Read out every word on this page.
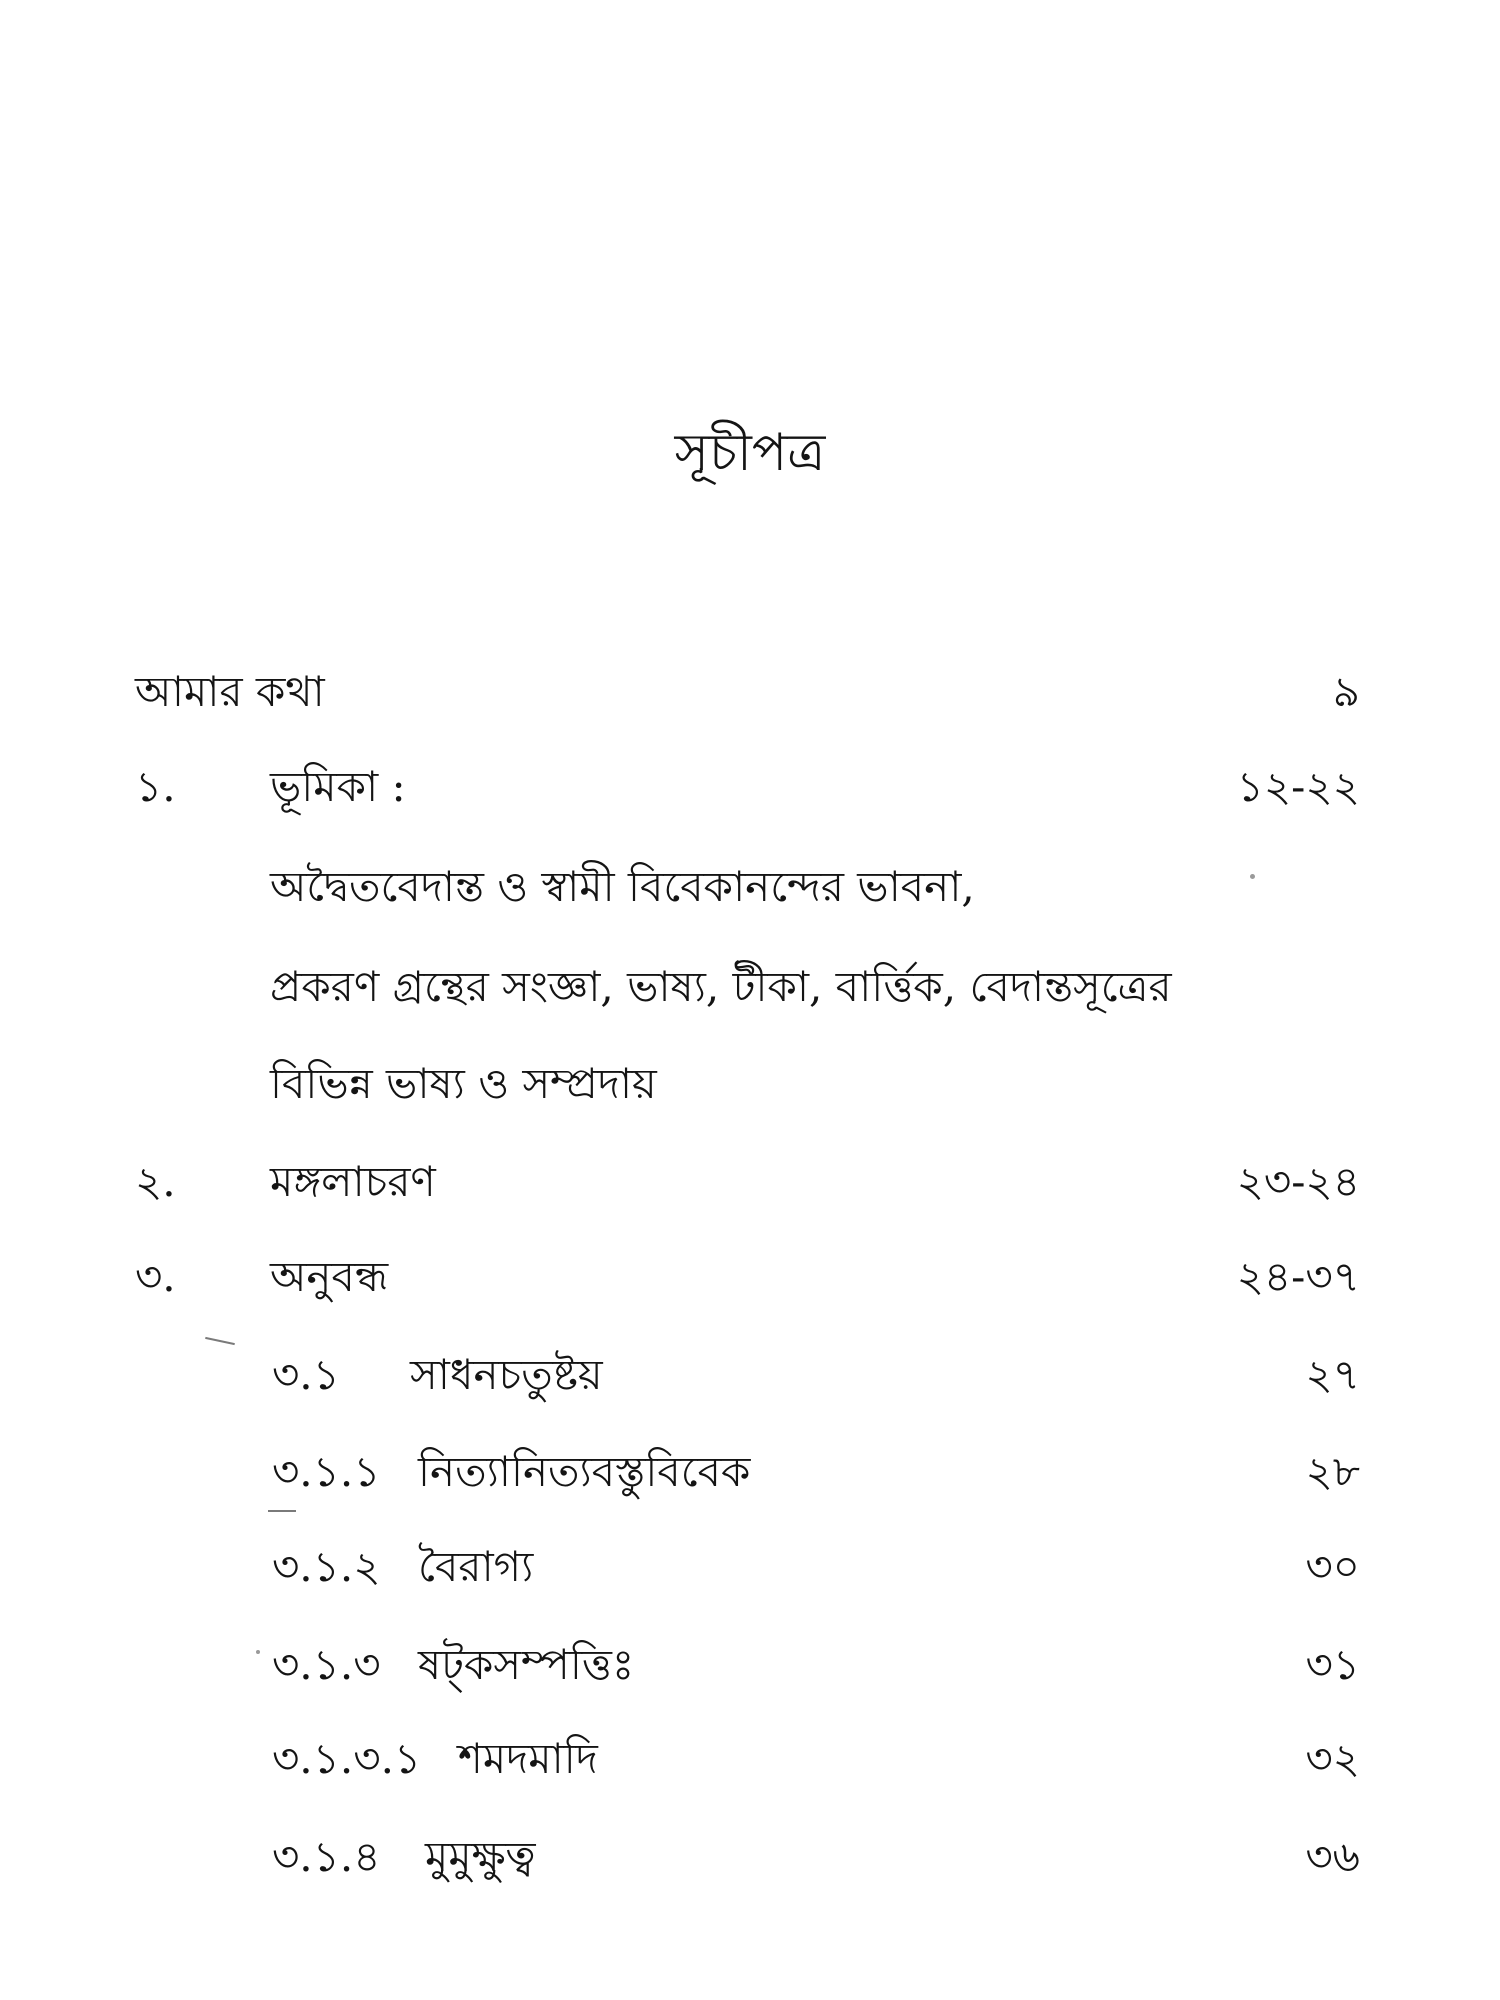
সূচীপত্র
আমার কথা	৯
১. ভূমিকা :	১২-২২
অদ্বৈতবেদান্ত ও স্বামী বিবেকানন্দের ভাবনা,
প্রকরণ গ্রন্থের সংজ্ঞা, ভাষ্য, টীকা, বার্ত্তিক, বেদান্তসূত্রের
বিভিন্ন ভাষ্য ও সম্প্রদায়
২. মঙ্গলাচরণ	২৩-২৪
৩. অনুবন্ধ	২৪-৩৭
৩.১ সাধনচতুষ্টয়	২৭
৩.১.১ নিত্যানিত্যবস্তুবিবেক	২৮
৩.১.২ বৈরাগ্য	৩০
৩.১.৩ ষট্‌কসম্পত্তিঃ	৩১
৩.১.৩.১ শমদমাদি	৩২
৩.১.৪ মুমুক্ষুত্ব	৩৬
